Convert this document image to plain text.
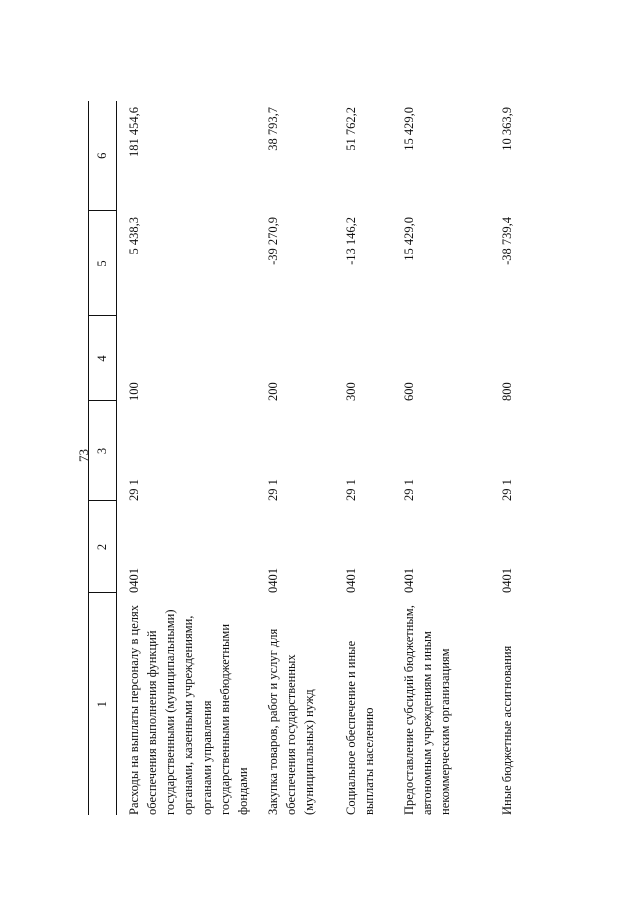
73
1	2	3	4	5	6
Расходы на выплаты персоналу в целях обеспечения выполнения функций государственными (муниципальными) органами, казенными учреждениями, органами управления государственными внебюджетными фондами	0401	29 1	100	5 438,3	181 454,6
Закупка товаров, работ и услуг для обеспечения государственных (муниципальных) нужд	0401	29 1	200	-39 270,9	38 793,7
Социальное обеспечение и иные выплаты населению	0401	29 1	300	-13 146,2	51 762,2
Предоставление субсидий бюджетным, автономным учреждениям и иным некоммерческим организациям	0401	29 1	600	15 429,0	15 429,0
Иные бюджетные ассигнования	0401	29 1	800	-38 739,4	10 363,9
